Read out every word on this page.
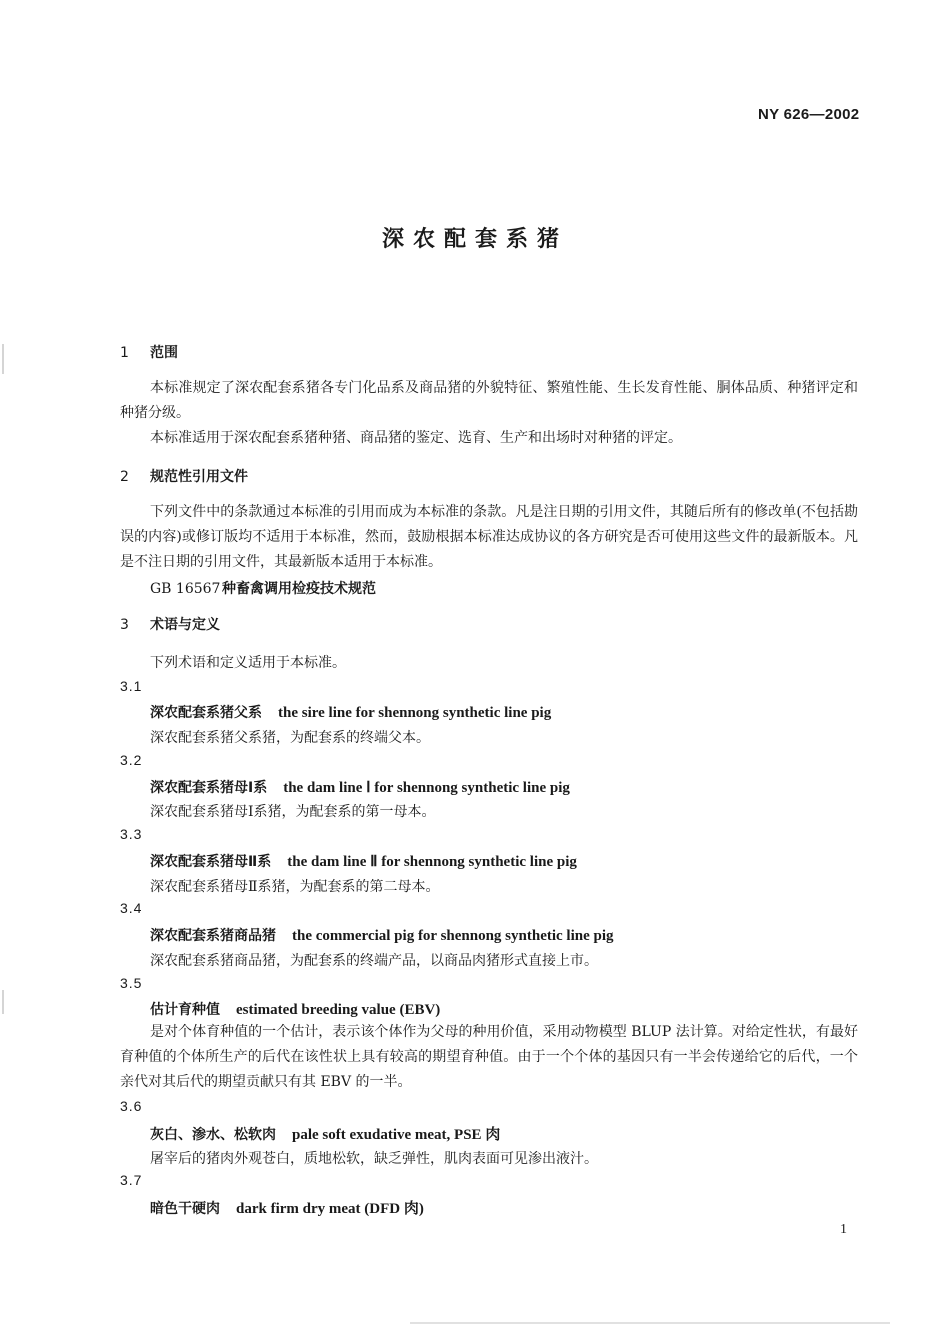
NY 626—2002
深农配套系猪
1 范围
本标准规定了深农配套系猪各专门化品系及商品猪的外貌特征、繁殖性能、生长发育性能、胴体品质、种猪评定和种猪分级。
本标准适用于深农配套系猪种猪、商品猪的鉴定、选育、生产和出场时对种猪的评定。
2 规范性引用文件
下列文件中的条款通过本标准的引用而成为本标准的条款。凡是注日期的引用文件，其随后所有的修改单(不包括勘误的内容)或修订版均不适用于本标准，然而，鼓励根据本标准达成协议的各方研究是否可使用这些文件的最新版本。凡是不注日期的引用文件，其最新版本适用于本标准。
GB 16567 种畜禽调用检疫技术规范
3 术语与定义
下列术语和定义适用于本标准。
3.1
深农配套系猪父系 the sire line for shennong synthetic line pig
深农配套系猪父系猪，为配套系的终端父本。
3.2
深农配套系猪母Ⅰ系 the dam line Ⅰ for shennong synthetic line pig
深农配套系猪母Ⅰ系猪，为配套系的第一母本。
3.3
深农配套系猪母Ⅱ系 the dam line Ⅱ for shennong synthetic line pig
深农配套系猪母Ⅱ系猪，为配套系的第二母本。
3.4
深农配套系猪商品猪 the commercial pig for shennong synthetic line pig
深农配套系猪商品猪，为配套系的终端产品，以商品肉猪形式直接上市。
3.5
估计育种值 estimated breeding value (EBV)
是对个体育种值的一个估计，表示该个体作为父母的种用价值，采用动物模型 BLUP 法计算。对给定性状，有最好育种值的个体所生产的后代在该性状上具有较高的期望育种值。由于一个个体的基因只有一半会传递给它的后代，一个亲代对其后代的期望贡献只有其 EBV 的一半。
3.6
灰白、渗水、松软肉 pale soft exudative meat, PSE 肉
屠宰后的猪肉外观苍白，质地松软，缺乏弹性，肌肉表面可见渗出液汁。
3.7
暗色干硬肉 dark firm dry meat (DFD 肉)
1
